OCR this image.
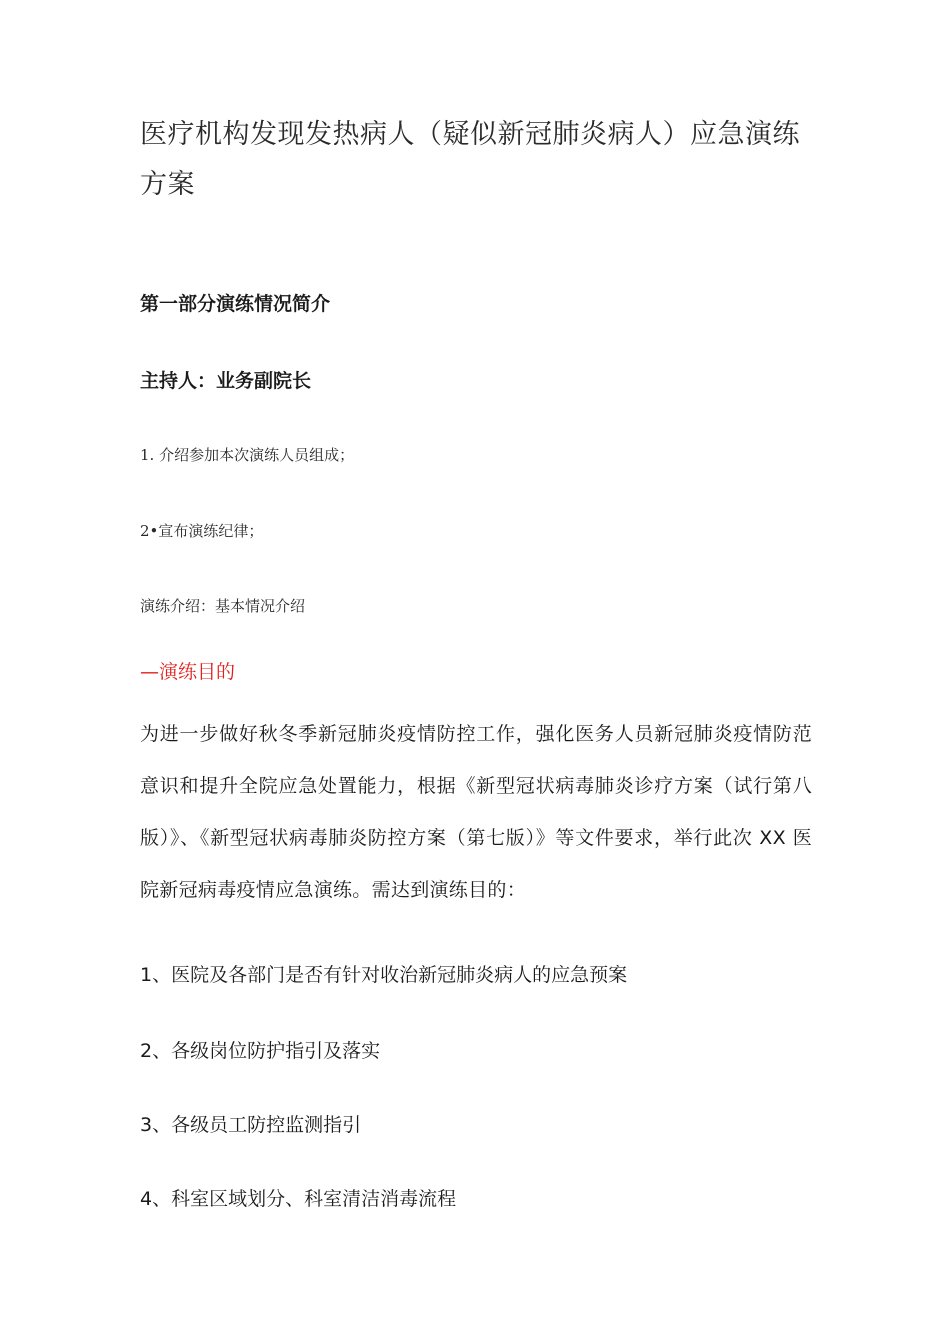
医疗机构发现发热病人（疑似新冠肺炎病人）应急演练方案

第一部分演练情况简介

主持人：业务副院长

1. 介绍参加本次演练人员组成；

2•宣布演练纪律；

演练介绍：基本情况介绍

—演练目的

为进一步做好秋冬季新冠肺炎疫情防控工作，强化医务人员新冠肺炎疫情防范意识和提升全院应急处置能力，根据《新型冠状病毒肺炎诊疗方案（试行第八版）》、《新型冠状病毒肺炎防控方案（第七版）》等文件要求，举行此次 XX 医院新冠病毒疫情应急演练。需达到演练目的：

1、医院及各部门是否有针对收治新冠肺炎病人的应急预案

2、各级岗位防护指引及落实

3、各级员工防控监测指引

4、科室区域划分、科室清洁消毒流程
